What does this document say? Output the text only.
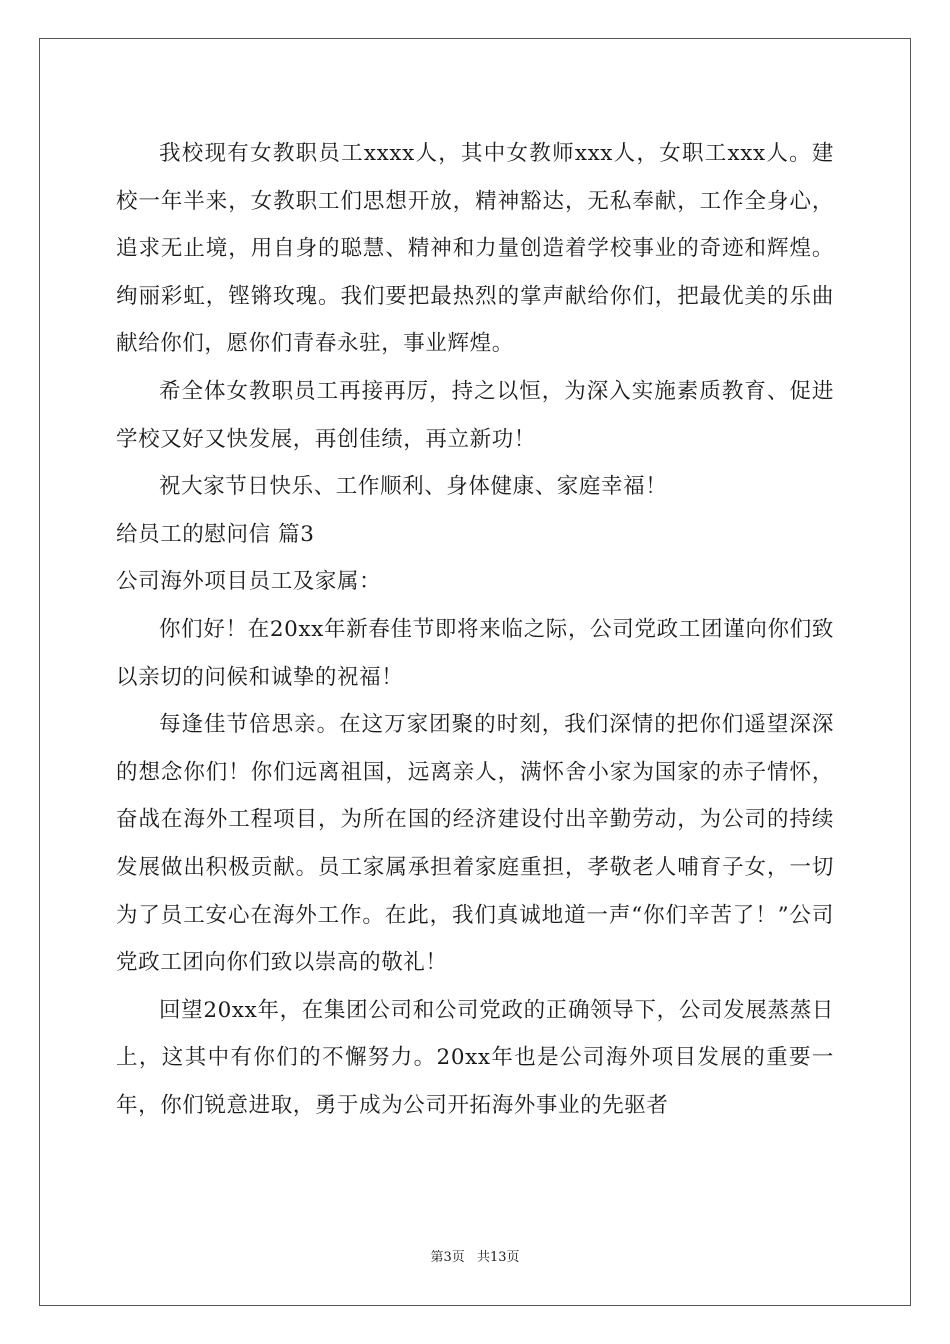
我校现有女教职员工xxxx人，其中女教师xxx人，女职工xxx人。建校一年半来，女教职工们思想开放，精神豁达，无私奉献，工作全身心，追求无止境，用自身的聪慧、精神和力量创造着学校事业的奇迹和辉煌。绚丽彩虹，铿锵玫瑰。我们要把最热烈的掌声献给你们，把最优美的乐曲献给你们，愿你们青春永驻，事业辉煌。

希全体女教职员工再接再厉，持之以恒，为深入实施素质教育、促进学校又好又快发展，再创佳绩，再立新功！

祝大家节日快乐、工作顺利、身体健康、家庭幸福！

给员工的慰问信 篇3

公司海外项目员工及家属：

你们好！在20xx年新春佳节即将来临之际，公司党政工团谨向你们致以亲切的问候和诚挚的祝福！

每逢佳节倍思亲。在这万家团聚的时刻，我们深情的把你们遥望深深的想念你们！你们远离祖国，远离亲人，满怀舍小家为国家的赤子情怀，奋战在海外工程项目，为所在国的经济建设付出辛勤劳动，为公司的持续发展做出积极贡献。员工家属承担着家庭重担，孝敬老人哺育子女，一切为了员工安心在海外工作。在此，我们真诚地道一声“你们辛苦了！”公司党政工团向你们致以崇高的敬礼！

回望20xx年，在集团公司和公司党政的正确领导下，公司发展蒸蒸日上，这其中有你们的不懈努力。20xx年也是公司海外项目发展的重要一年，你们锐意进取，勇于成为公司开拓海外事业的先驱者

第3页 共13页
